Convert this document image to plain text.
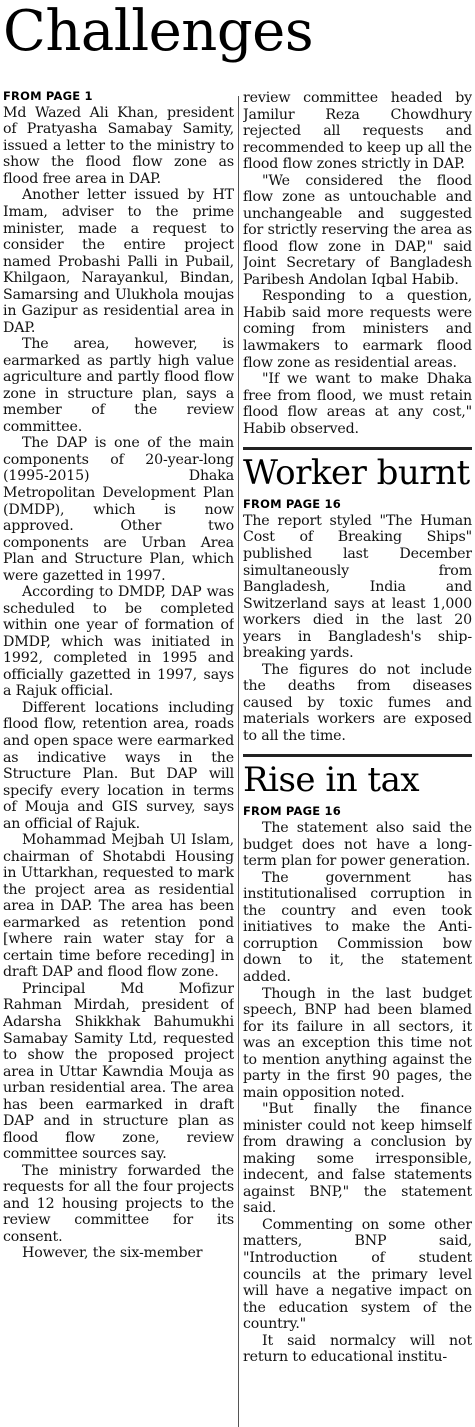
Challenges
FROM PAGE 1

Md Wazed Ali Khan, president of Pratyasha Samabay Samity, issued a letter to the ministry to show the flood flow zone as flood free area in DAP.

Another letter issued by HT Imam, adviser to the prime minister, made a request to consider the entire project named Probashi Palli in Pubail, Khilgaon, Narayankul, Bindan, Samarsing and Ulukhola moujas in Gazipur as residential area in DAP.

The area, however, is earmarked as partly high value agriculture and partly flood flow zone in structure plan, says a member of the review committee.

The DAP is one of the main components of 20-year-long (1995-2015) Dhaka Metropolitan Development Plan (DMDP), which is now approved. Other two components are Urban Area Plan and Structure Plan, which were gazetted in 1997.

According to DMDP, DAP was scheduled to be completed within one year of formation of DMDP, which was initiated in 1992, completed in 1995 and officially gazetted in 1997, says a Rajuk official.

Different locations including flood flow, retention area, roads and open space were earmarked as indicative ways in the Structure Plan. But DAP will specify every location in terms of Mouja and GIS survey, says an official of Rajuk.

Mohammad Mejbah Ul Islam, chairman of Shotabdi Housing in Uttarkhan, requested to mark the project area as residential area in DAP. The area has been earmarked as retention pond [where rain water stay for a certain time before receding] in draft DAP and flood flow zone.

Principal Md Mofizur Rahman Mirdah, president of Adarsha Shikkhak Bahumukhi Samabay Samity Ltd, requested to show the proposed project area in Uttar Kawndia Mouja as urban residential area. The area has been earmarked in draft DAP and in structure plan as flood flow zone, review committee sources say.

The ministry forwarded the requests for all the four projects and 12 housing projects to the review committee for its consent.

However, the six-member

review committee headed by Jamilur Reza Chowdhury rejected all requests and recommended to keep up all the flood flow zones strictly in DAP.

"We considered the flood flow zone as untouchable and unchangeable and suggested for strictly reserving the area as flood flow zone in DAP," said Joint Secretary of Bangladesh Paribesh Andolan Iqbal Habib.

Responding to a question, Habib said more requests were coming from ministers and lawmakers to earmark flood flow zone as residential areas.

"If we want to make Dhaka free from flood, we must retain flood flow areas at any cost," Habib observed.

Worker burnt
FROM PAGE 16

The report styled "The Human Cost of Breaking Ships" published last December simultaneously from Bangladesh, India and Switzerland says at least 1,000 workers died in the last 20 years in Bangladesh's ship-breaking yards.

The figures do not include the deaths from diseases caused by toxic fumes and materials workers are exposed to all the time.

Rise in tax
FROM PAGE 16

The statement also said the budget does not have a long-term plan for power generation.

The government has institutionalised corruption in the country and even took initiatives to make the Anti-corruption Commission bow down to it, the statement added.

Though in the last budget speech, BNP had been blamed for its failure in all sectors, it was an exception this time not to mention anything against the party in the first 90 pages, the main opposition noted.

"But finally the finance minister could not keep himself from drawing a conclusion by making some irresponsible, indecent, and false statements against BNP," the statement said.

Commenting on some other matters, BNP said, "Introduction of student councils at the primary level will have a negative impact on the education system of the country."

It said normalcy will not return to educational institu-
